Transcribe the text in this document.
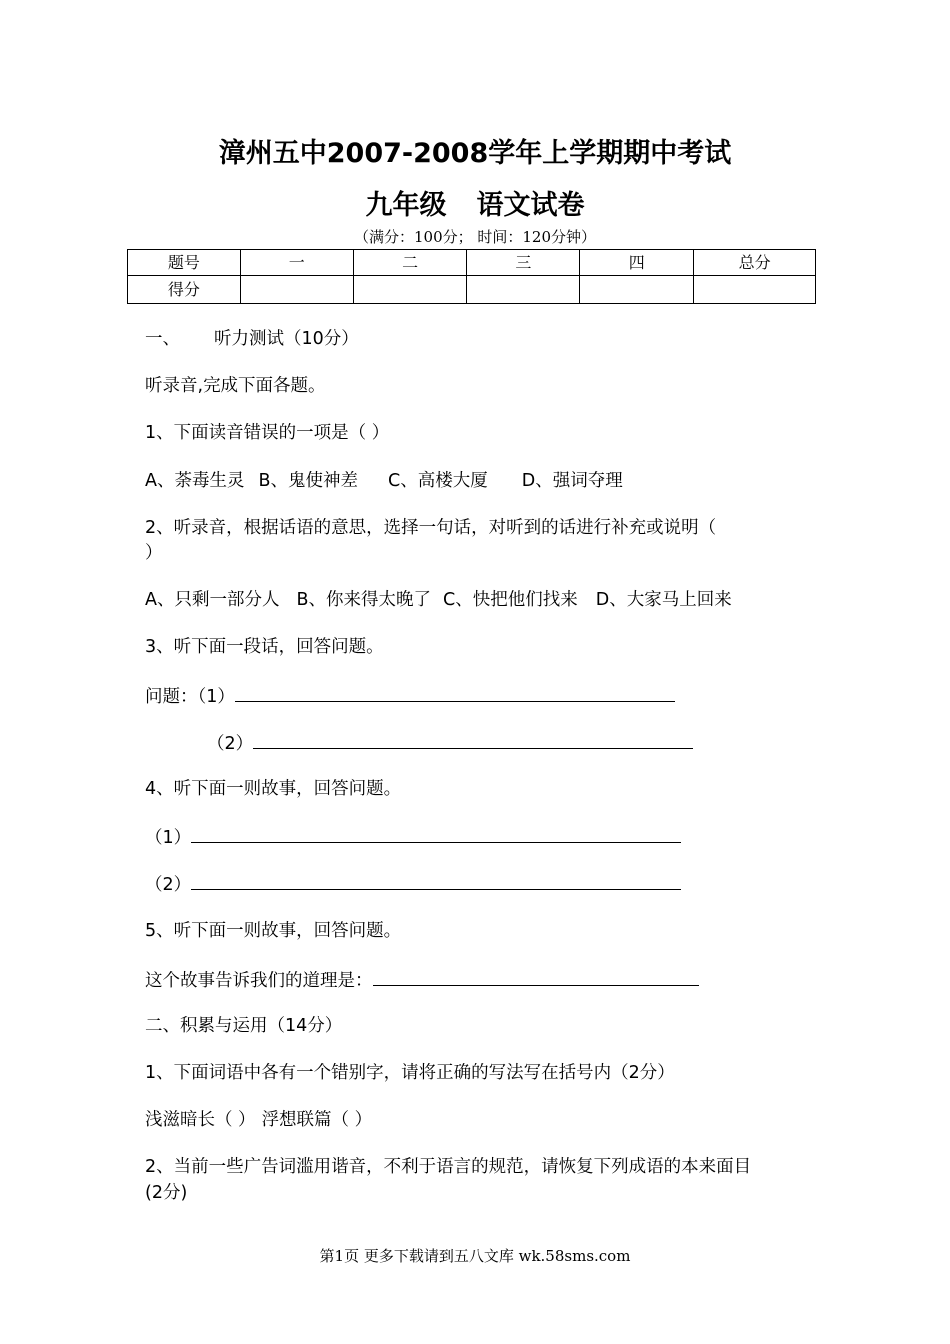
漳州五中2007-2008学年上学期期中考试
九年级 语文试卷
（满分：100分； 时间：120分钟）
题号	一	二	三	四	总分
得分					
一、 听力测试（10分）
听录音,完成下面各题。
1、下面读音错误的一项是（ ）
A、荼毒生灵 B、鬼使神差 C、高楼大厦 D、强词夺理
2、听录音，根据话语的意思，选择一句话，对听到的话进行补充或说明（
）
A、只剩一部分人 B、你来得太晚了 C、快把他们找来 D、大家马上回来
3、听下面一段话，回答问题。
问题：（1）
（2）
4、听下面一则故事，回答问题。
（1）
（2）
5、听下面一则故事，回答问题。
这个故事告诉我们的道理是：
二、积累与运用（14分）
1、下面词语中各有一个错别字，请将正确的写法写在括号内（2分）
浅滋暗长（ ） 浮想联篇（ ）
2、当前一些广告词滥用谐音，不利于语言的规范，请恢复下列成语的本来面目
(2分)
第1页 更多下载请到五八文库 wk.58sms.com
